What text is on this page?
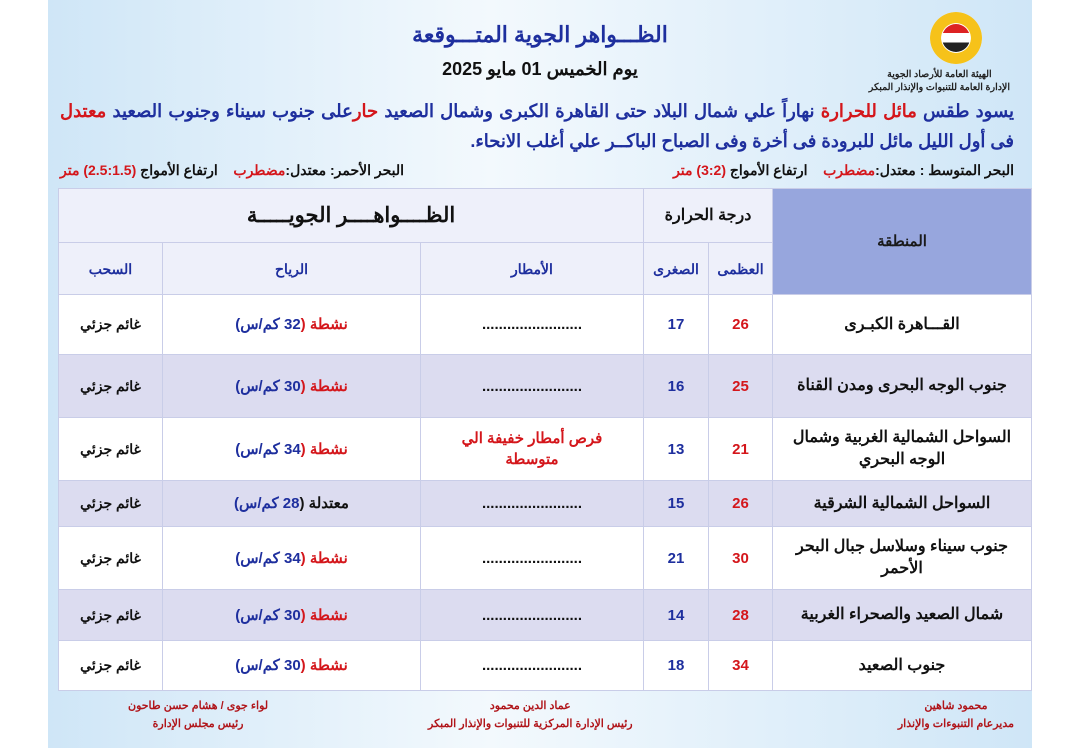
الهيئة العامة للأرصاد الجوية
الإدارة العامة للتنبوات والإنذار المبكر
الظـــواهر الجوية المتـــوقعة
يوم الخميس 01 مايو 2025
يسود طقس مائل للحرارة نهاراً علي شمال البلاد حتى القاهرة الكبرى وشمال الصعيد حارعلى جنوب سيناء وجنوب الصعيد معتدل فى أول الليل مائل للبرودة فى أخرة وفى الصباح الباكــر علي أغلب الانحاء.
البحر المتوسط : معتدل:مضطرب    ارتفاع الأمواج (3:2) متر
البحر الأحمر: معتدل:مضطرب    ارتفاع الأمواج (2.5:1.5) متر
المنطقة	درجة الحرارة		الظــــواهــــر الجويـــــة		
	العظمى	الصغرى	الأمطار	الرياح	السحب
القـــاهرة الكبـرى	26	17	........................	نشطة (32 كم/س)	غائم جزئي
جنوب الوجه البحرى ومدن القناة	25	16	........................	نشطة (30 كم/س)	غائم جزئي
السواحل الشمالية الغربية وشمال الوجه البحري	21	13	فرص أمطار خفيفة الي متوسطة	نشطة (34 كم/س)	غائم جزئي
السواحل الشمالية الشرقية	26	15	........................	معتدلة (28 كم/س)	غائم جزئي
جنوب سيناء وسلاسل جبال البحر الأحمر	30	21	........................	نشطة (34 كم/س)	غائم جزئي
شمال الصعيد والصحراء الغربية	28	14	........................	نشطة (30 كم/س)	غائم جزئي
جنوب الصعيد	34	18	........................	نشطة (30 كم/س)	غائم جزئي
محمود شاهين
مديرعام التنبوءات والإنذار
عماد الدين محمود
رئيس الإدارة المركزية للتنبوات والإنذار المبكر
لواء جوى / هشام حسن طاحون
رئيس مجلس الإدارة
